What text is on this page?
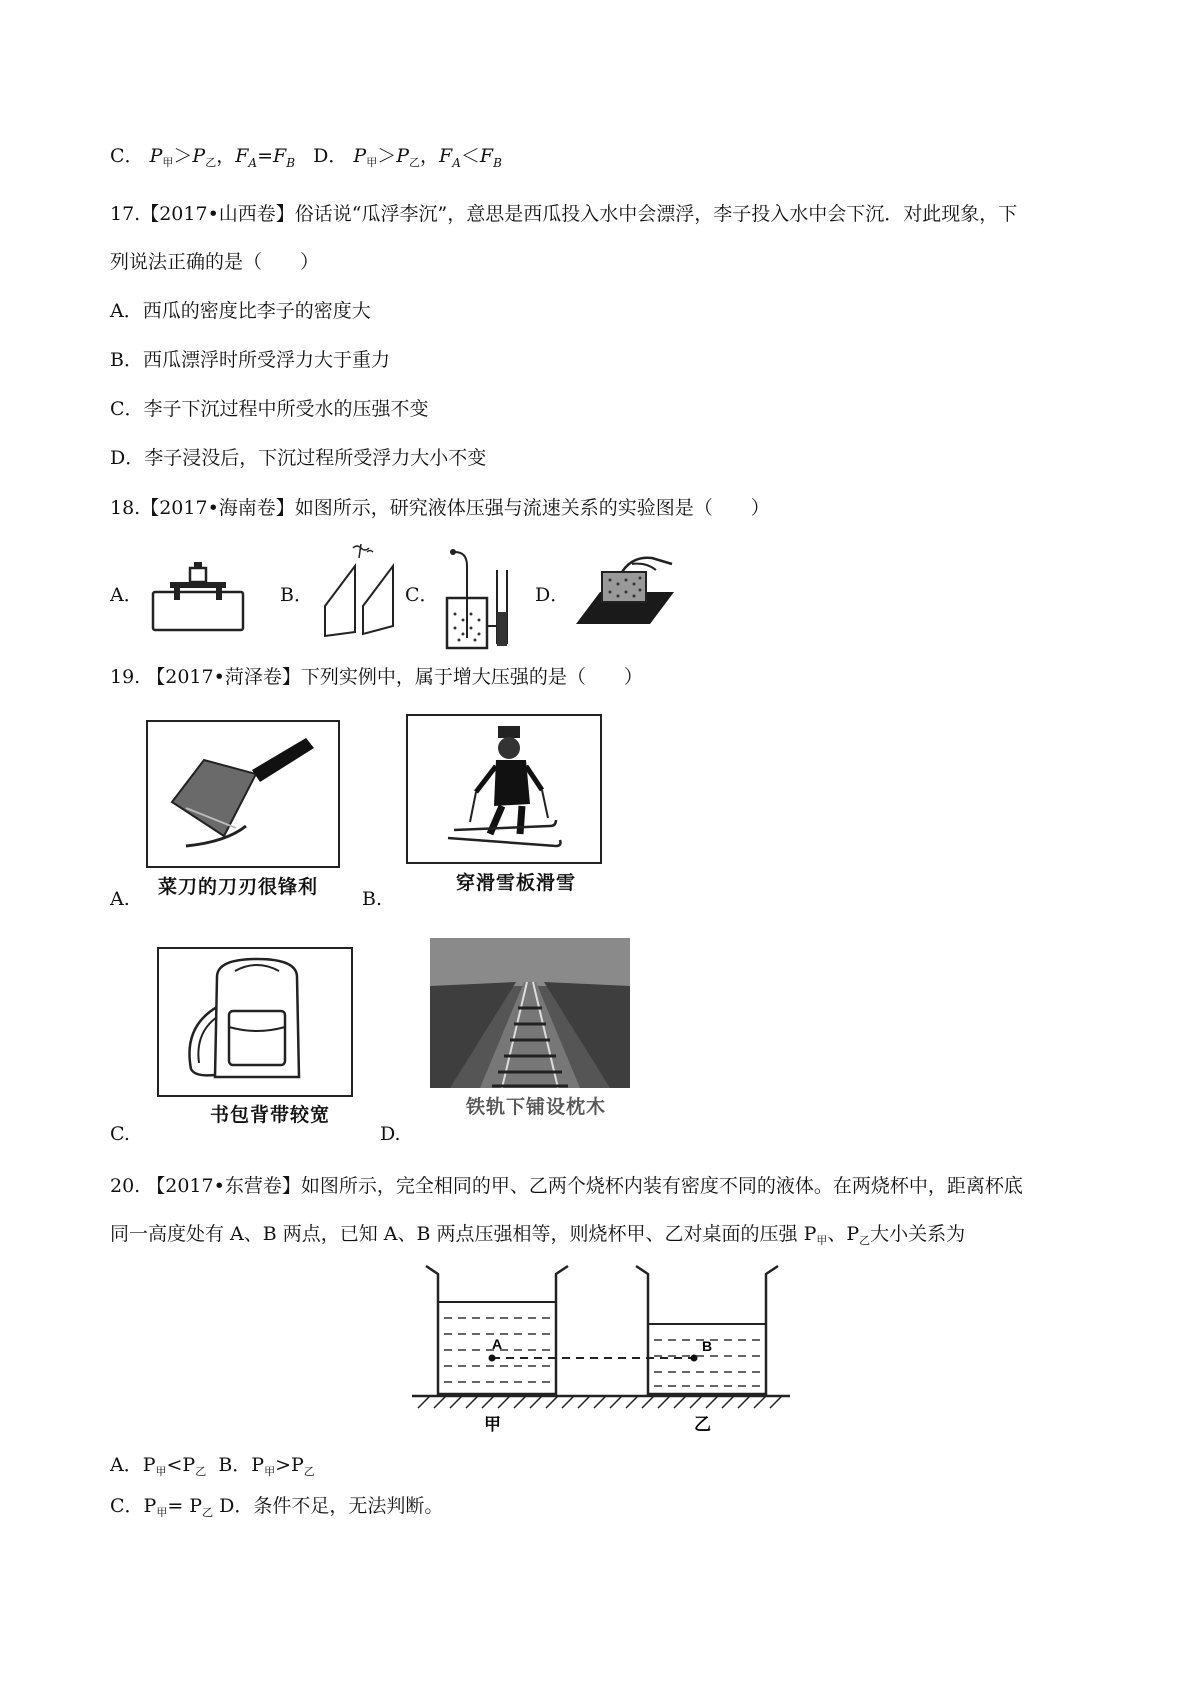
C． $P_甲>P_乙$，$F_A=F_B$ D． $P_甲>P_乙$，$F_A<F_B$
17.【2017•山西卷】俗话说“瓜浮李沉”，意思是西瓜投入水中会漂浮，李子投入水中会下沉．对此现象，下
列说法正确的是（　　）
A．西瓜的密度比李子的密度大
B．西瓜漂浮时所受浮力大于重力
C．李子下沉过程中所受水的压强不变
D．李子浸没后，下沉过程所受浮力大小不变
18.【2017•海南卷】如图所示，研究液体压强与流速关系的实验图是（　　）
A．	B．	C．	D．
19. 【2017•菏泽卷】下列实例中，属于增大压强的是（　　）
A.
菜刀的刀刃很锋利
B.
穿滑雪板滑雪
C.
书包背带较宽
D.
铁轨下铺设枕木
20. 【2017•东营卷】如图所示，完全相同的甲、乙两个烧杯内装有密度不同的液体。在两烧杯中，距离杯底
同一高度处有 A、B 两点，已知 A、B 两点压强相等，则烧杯甲、乙对桌面的压强 $P_甲$、$P_乙$大小关系为
A	B
甲	乙
A．$P_甲<P_乙$ B．$P_甲>P_乙$
C．$P_甲= P_乙$ D．条件不足，无法判断。
